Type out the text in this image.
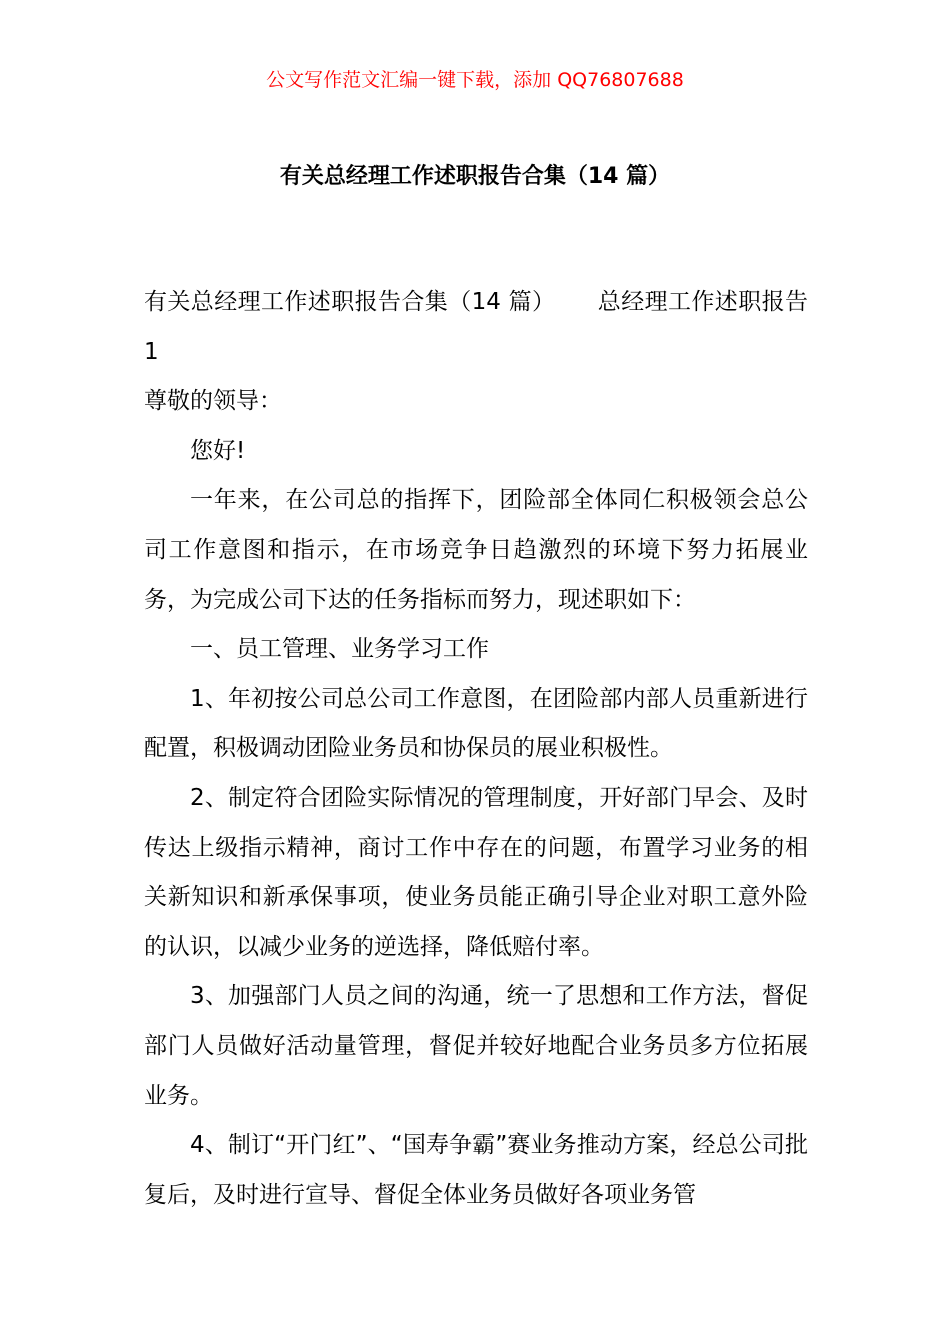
公文写作范文汇编一键下载，添加 QQ76807688
有关总经理工作述职报告合集（14 篇）

有关总经理工作述职报告合集（14 篇） 总经理工作述职报告 1

尊敬的领导：

您好!

一年来，在公司总的指挥下，团险部全体同仁积极领会总公司工作意图和指示，在市场竞争日趋激烈的环境下努力拓展业务，为完成公司下达的任务指标而努力，现述职如下：

一、员工管理、业务学习工作

1、年初按公司总公司工作意图，在团险部内部人员重新进行配置，积极调动团险业务员和协保员的展业积极性。

2、制定符合团险实际情况的管理制度，开好部门早会、及时传达上级指示精神，商讨工作中存在的问题，布置学习业务的相关新知识和新承保事项，使业务员能正确引导企业对职工意外险的认识，以减少业务的逆选择，降低赔付率。

3、加强部门人员之间的沟通，统一了思想和工作方法，督促部门人员做好活动量管理，督促并较好地配合业务员多方位拓展业务。

4、制订“开门红”、“国寿争霸”赛业务推动方案，经总公司批复后，及时进行宣导、督促全体业务员做好各项业务管
